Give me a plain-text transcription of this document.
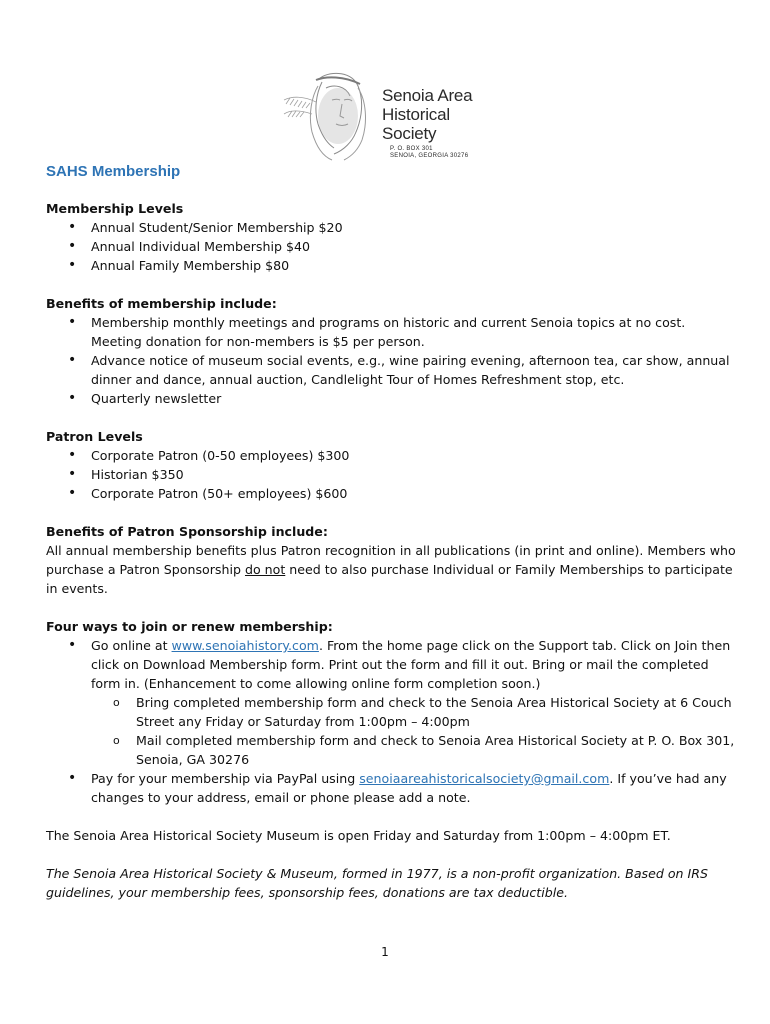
Senoia Area
Historical Society
P. O. BOX 301
SENOIA, GEORGIA 30276
SAHS Membership

Membership Levels

• Annual Student/Senior Membership $20
• Annual Individual Membership $40
• Annual Family Membership $80

Benefits of membership include:

• Membership monthly meetings and programs on historic and current Senoia topics at no cost. Meeting donation for non-members is $5 per person.
• Advance notice of museum social events, e.g., wine pairing evening, afternoon tea, car show, annual dinner and dance, annual auction, Candlelight Tour of Homes Refreshment stop, etc.
• Quarterly newsletter

Patron Levels

• Corporate Patron (0-50 employees) $300
• Historian $350
• Corporate Patron (50+ employees) $600

Benefits of Patron Sponsorship include:

All annual membership benefits plus Patron recognition in all publications (in print and online). Members who purchase a Patron Sponsorship do not need to also purchase Individual or Family Memberships to participate in events.

Four ways to join or renew membership:

• Go online at www.senoiahistory.com. From the home page click on the Support tab. Click on Join then click on Download Membership form. Print out the form and fill it out. Bring or mail the completed form in. (Enhancement to come allowing online form completion soon.)
o Bring completed membership form and check to the Senoia Area Historical Society at 6 Couch Street any Friday or Saturday from 1:00pm – 4:00pm
o Mail completed membership form and check to Senoia Area Historical Society at P. O. Box 301, Senoia, GA 30276
• Pay for your membership via PayPal using senoiaareahistoricalsociety@gmail.com. If you’ve had any changes to your address, email or phone please add a note.

The Senoia Area Historical Society Museum is open Friday and Saturday from 1:00pm – 4:00pm ET.

The Senoia Area Historical Society & Museum, formed in 1977, is a non-profit organization. Based on IRS guidelines, your membership fees, sponsorship fees, donations are tax deductible.

1
